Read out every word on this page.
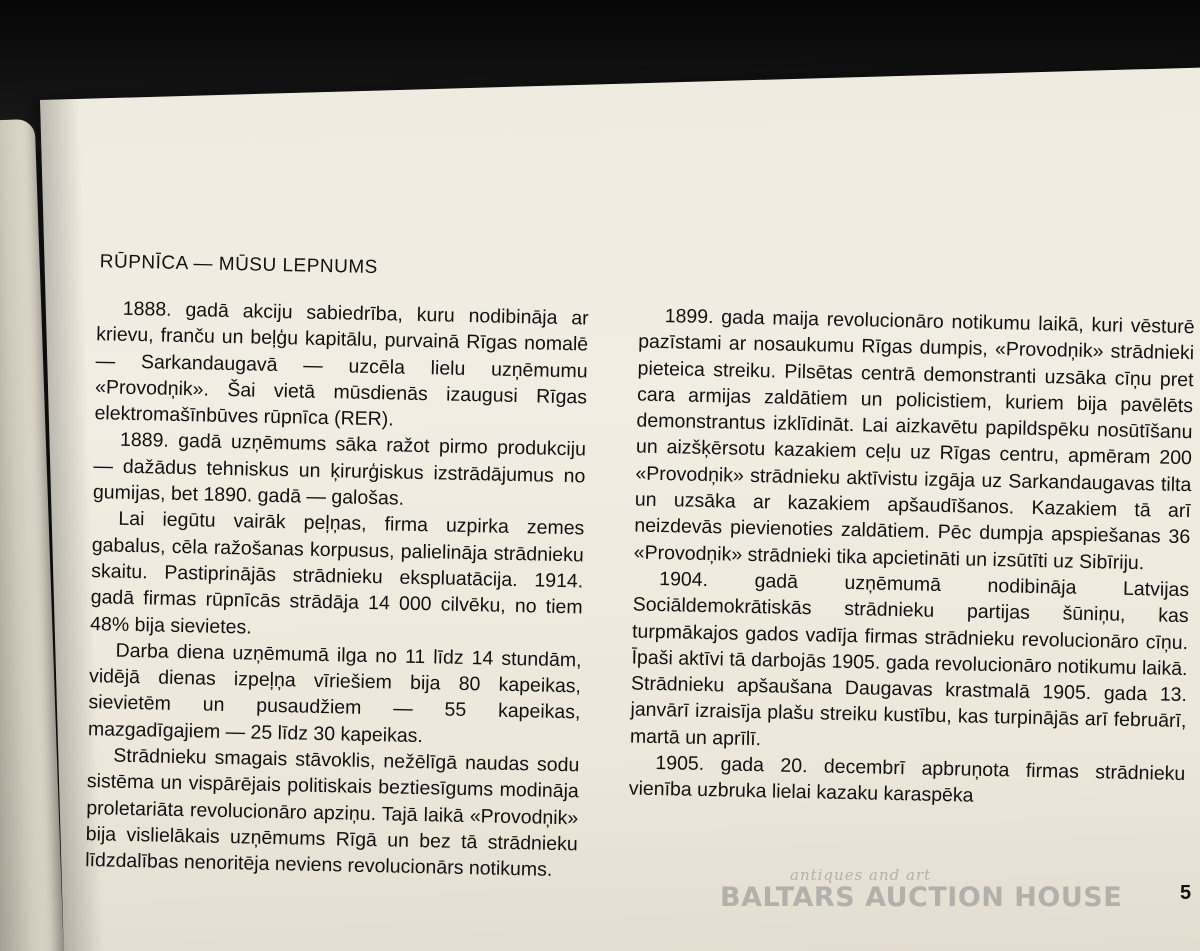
RŪPNĪCA — MŪSU LEPNUMS

1888. gadā akciju sabiedrība, kuru nodibināja ar krievu, franču un beļģu kapitālu, purvainā Rīgas nomalē — Sarkandaugavā — uzcēla lielu uzņēmumu «Provodņik». Šai vietā mūsdienās izaugusi Rīgas elektromašīnbūves rūpnīca (RER).

1889. gadā uzņēmums sāka ražot pirmo produkciju — dažādus tehniskus un ķirurģiskus izstrādājumus no gumijas, bet 1890. gadā — galošas.

Lai iegūtu vairāk peļņas, firma uzpirka zemes gabalus, cēla ražošanas korpusus, palielināja strādnieku skaitu. Pastiprinājās strādnieku ekspluatācija. 1914. gadā firmas rūpnīcās strādāja 14 000 cilvēku, no tiem 48% bija sievietes.

Darba diena uzņēmumā ilga no 11 līdz 14 stundām, vidējā dienas izpeļņa vīriešiem bija 80 kapeikas, sievietēm un pusaudžiem — 55 kapeikas, mazgadīgajiem — 25 līdz 30 kapeikas.

Strādnieku smagais stāvoklis, nežēlīgā naudas sodu sistēma un vispārējais politiskais beztiesīgums modināja proletariāta revolucionāro apziņu. Tajā laikā «Provodņik» bija vislielākais uzņēmums Rīgā un bez tā strādnieku līdzdalības nenoritēja neviens revolucionārs notikums.

1899. gada maija revolucionāro notikumu laikā, kuri vēsturē pazīstami ar nosaukumu Rīgas dumpis, «Provodņik» strādnieki pieteica streiku. Pilsētas centrā demonstranti uzsāka cīņu pret cara armijas zaldātiem un policistiem, kuriem bija pavēlēts demonstrantus izklīdināt. Lai aizkavētu papildspēku nosūtīšanu un aizšķērsotu kazakiem ceļu uz Rīgas centru, apmēram 200 «Provodņik» strādnieku aktīvistu izgāja uz Sarkandaugavas tilta un uzsāka ar kazakiem apšaudīšanos. Kazakiem tā arī neizdevās pievienoties zaldātiem. Pēc dumpja apspiešanas 36 «Provodņik» strādnieki tika apcietināti un izsūtīti uz Sibīriju.

1904. gadā uzņēmumā nodibināja Latvijas Sociāldemokrātiskās strādnieku partijas šūniņu, kas turpmākajos gados vadīja firmas strādnieku revolucionāro cīņu. Īpaši aktīvi tā darbojās 1905. gada revolucionāro notikumu laikā. Strādnieku apšaušana Daugavas krastmalā 1905. gada 13. janvārī izraisīja plašu streiku kustību, kas turpinājās arī februārī, martā un aprīlī.

1905. gada 20. decembrī apbruņota firmas strādnieku vienība uzbruka lielai kazaku karaspēka

antiques and art
BALTARS AUCTION HOUSE	5
